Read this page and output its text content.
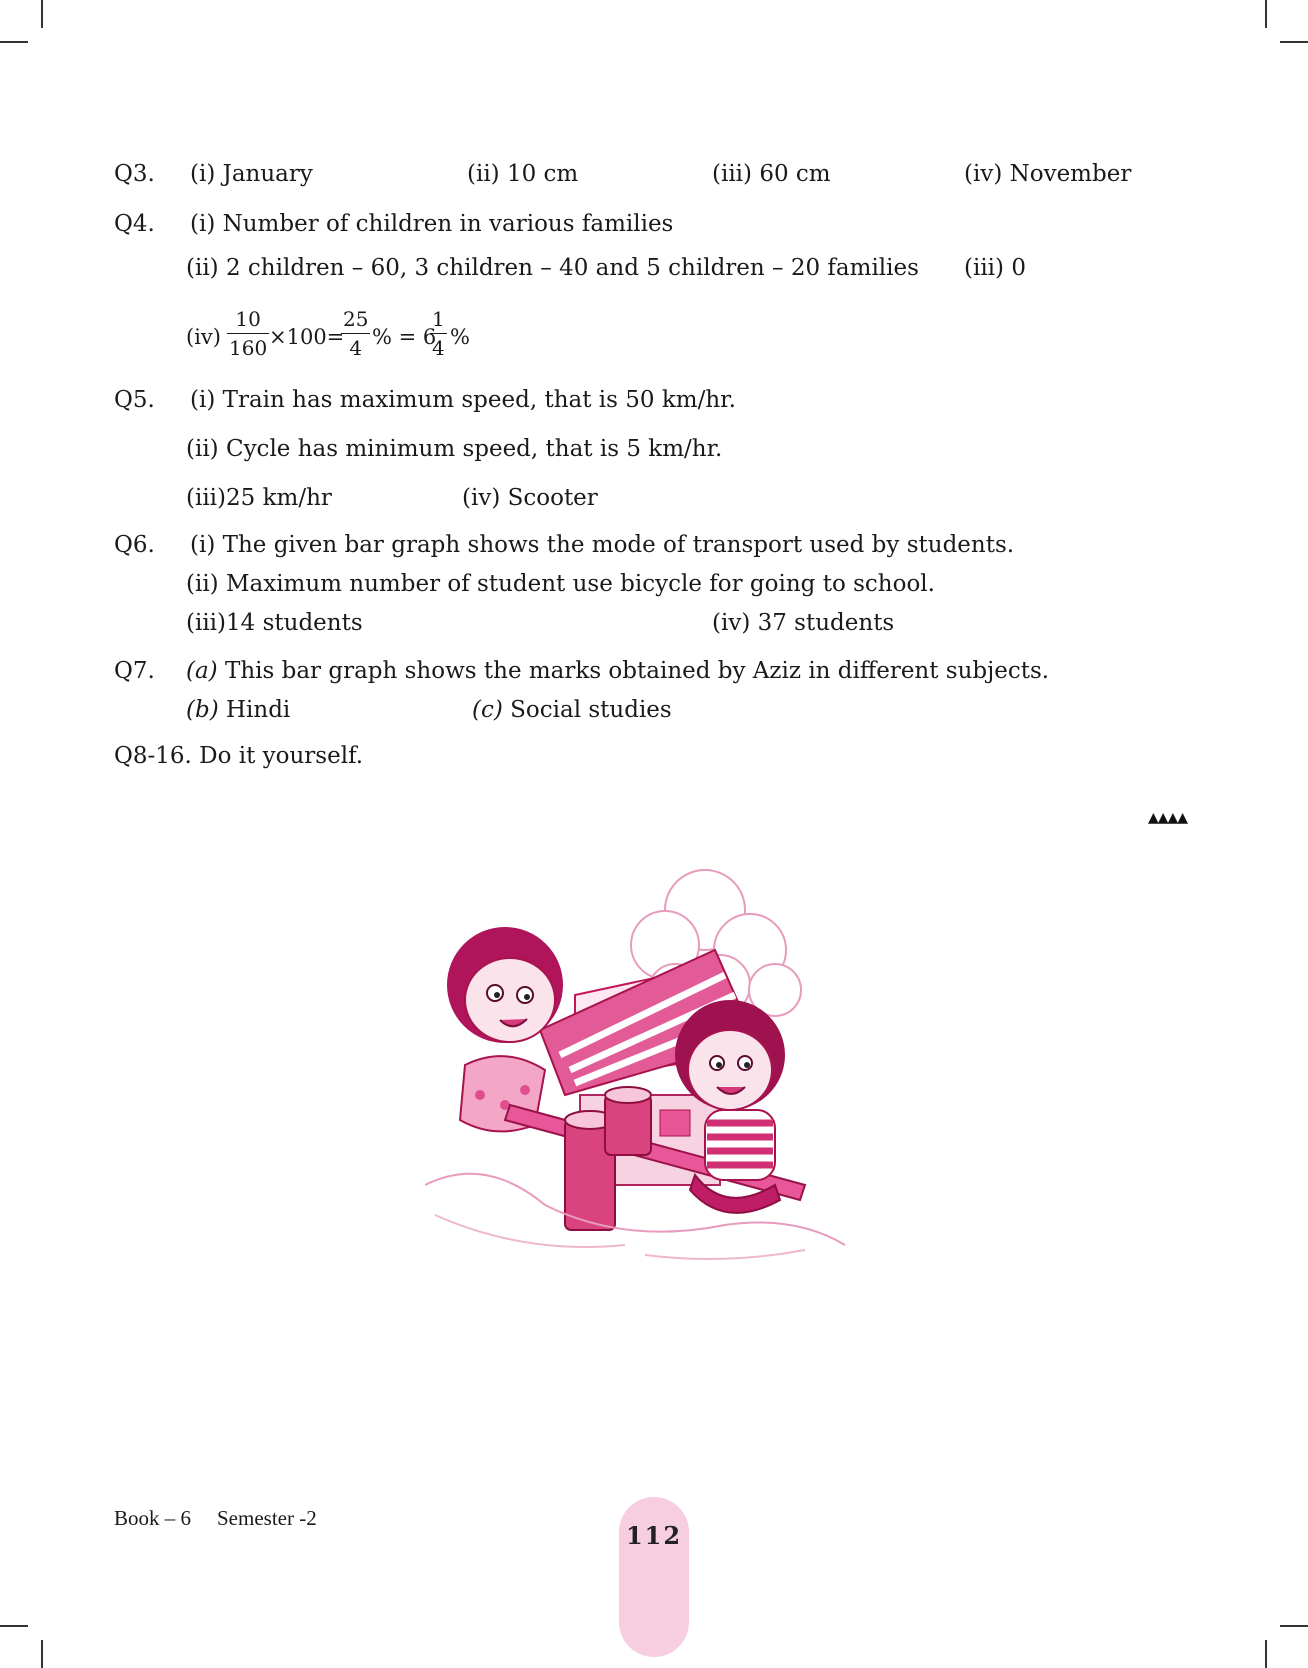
Q3. (i) January	(ii) 10 cm	(iii) 60 cm	(iv) November
Q4. (i) Number of children in various families
(ii) 2 children – 60, 3 children – 40 and 5 children – 20 families (iii) 0
$(iv) \frac{10}{160} \times 100=$
$\frac{25}{4}$ % = 6
$\frac{1}{4}$ %
Q5. (i) Train has maximum speed, that is 50 km/hr.
(ii) Cycle has minimum speed, that is 5 km/hr.
(iii)25 km/hr	(iv) Scooter
Q6. (i) The given bar graph shows the mode of transport used by students.
(ii) Maximum number of student use bicycle for going to school.
(iii)14 students	(iv) 37 students
Q7. (a) This bar graph shows the marks obtained by Aziz in different subjects.
(b) Hindi	(c) Social studies
Q8-16. Do it yourself.
▲▲▲▲
Book – 6 Semester -2
112
